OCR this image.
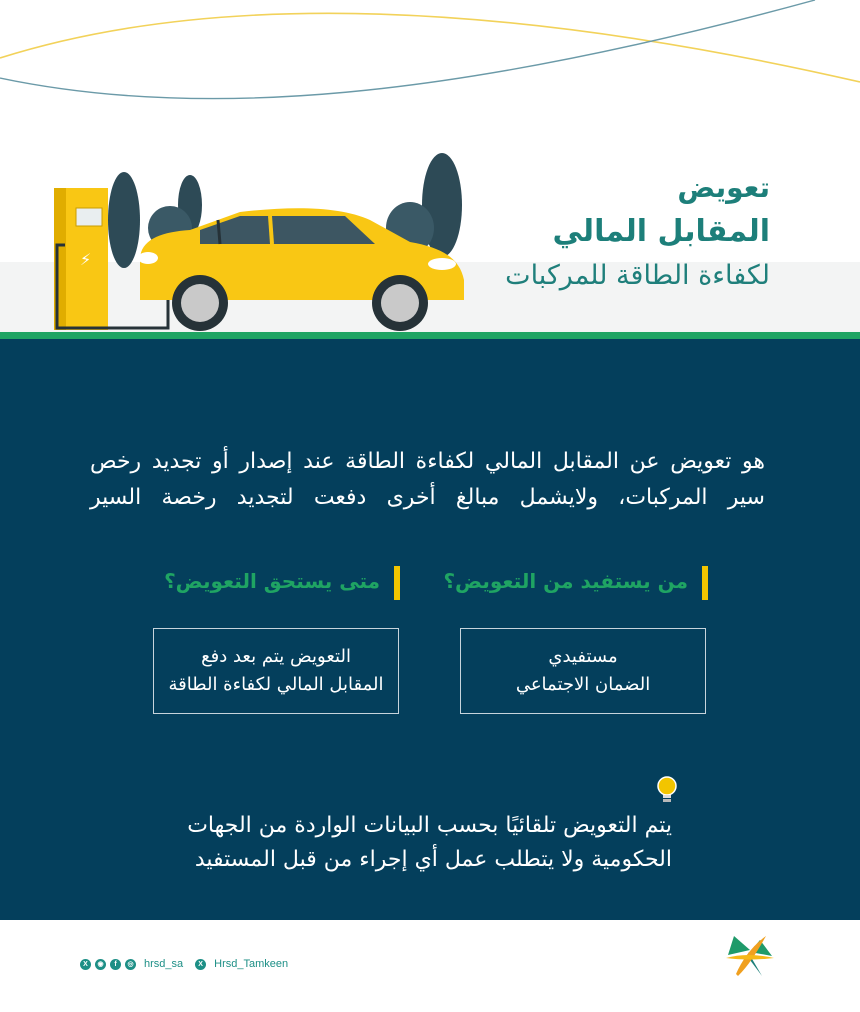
⚡
تعويض
المقابل المالي
لكفاءة الطاقة للمركبات
هو تعويض عن المقابل المالي لكفاءة الطاقة عند إصدار أو تجديد رخص سير المركبات، ولايشمل مبالغ أخرى دفعت لتجديد رخصة السير
من يستفيد من التعويض؟
متى يستحق التعويض؟
مستفيدي
الضمان الاجتماعي
التعويض يتم بعد دفع
المقابل المالي لكفاءة الطاقة
يتم التعويض تلقائيًا بحسب البيانات الواردة من الجهات
الحكومية ولا يتطلب عمل أي إجراء من قبل المستفيد
X	◉	f	◎ hrsd_sa	X Hrsd_Tamkeen
